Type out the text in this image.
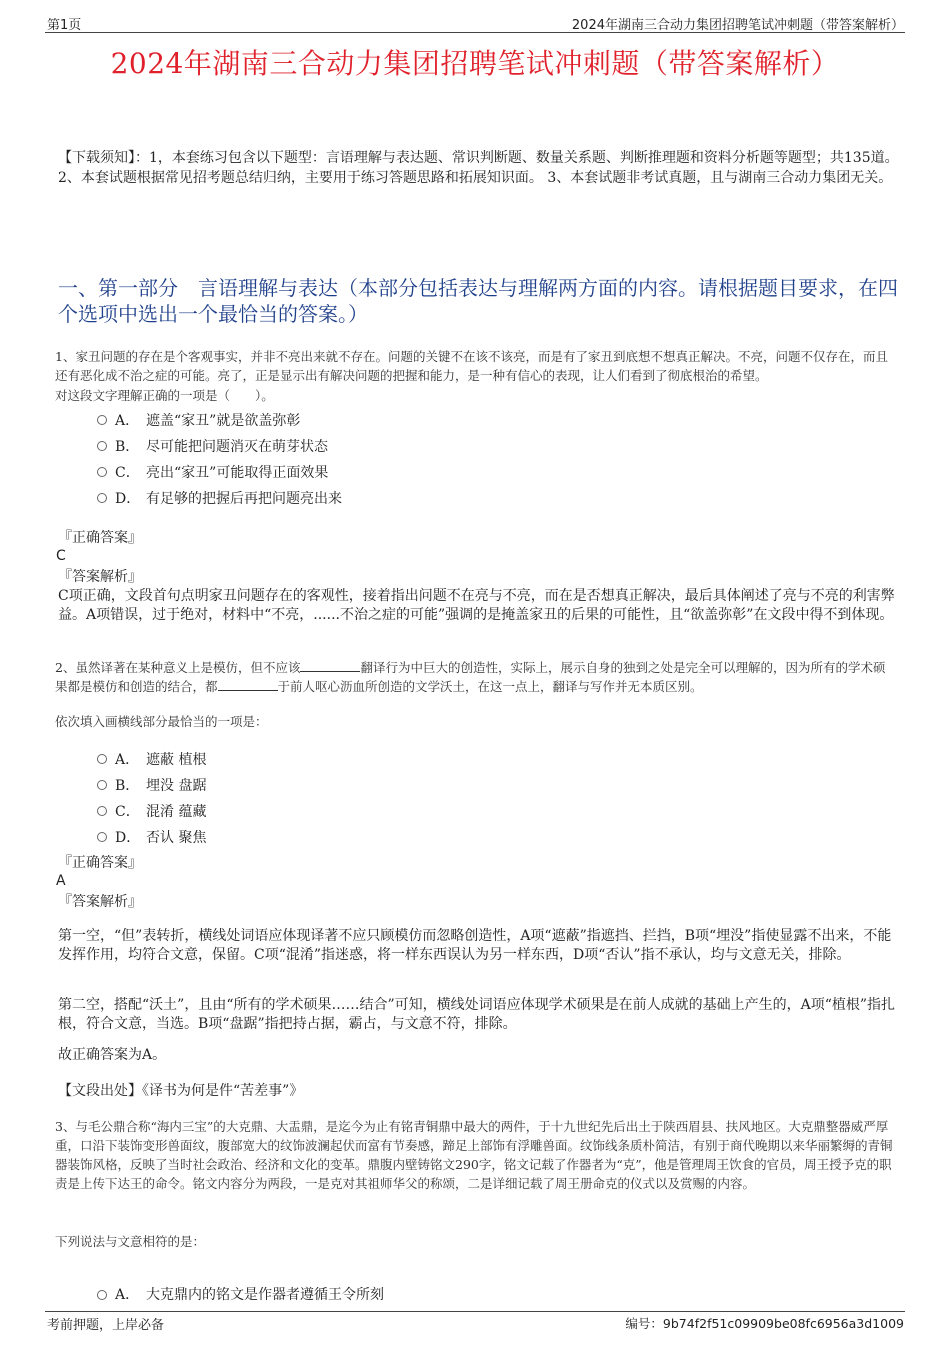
第1页	2024年湖南三合动力集团招聘笔试冲刺题（带答案解析）
2024年湖南三合动力集团招聘笔试冲刺题（带答案解析）
【下载须知】：1，本套练习包含以下题型：言语理解与表达题、常识判断题、数量关系题、判断推理题和资料分析题等题型；共135道。 2、本套试题根据常见招考题总结归纳，主要用于练习答题思路和拓展知识面。 3、本套试题非考试真题，且与湖南三合动力集团无关。
一、第一部分　言语理解与表达（本部分包括表达与理解两方面的内容。请根据题目要求，在四个选项中选出一个最恰当的答案。）
1、家丑问题的存在是个客观事实，并非不亮出来就不存在。问题的关键不在该不该亮，而是有了家丑到底想不想真正解决。不亮，问题不仅存在，而且还有恶化成不治之症的可能。亮了，正是显示出有解决问题的把握和能力，是一种有信心的表现，让人们看到了彻底根治的希望。
对这段文字理解正确的一项是（　　）。
A． 遮盖“家丑”就是欲盖弥彰
B． 尽可能把问题消灭在萌芽状态
C． 亮出“家丑”可能取得正面效果
D． 有足够的把握后再把问题亮出来
『正确答案』
C
『答案解析』
C项正确，文段首句点明家丑问题存在的客观性，接着指出问题不在亮与不亮，而在是否想真正解决，最后具体阐述了亮与不亮的利害弊益。A项错误，过于绝对，材料中“不亮，......不治之症的可能”强调的是掩盖家丑的后果的可能性，且“欲盖弥彰”在文段中得不到体现。
2、虽然译著在某种意义上是模仿，但不应该	翻译行为中巨大的创造性，实际上，展示自身的独到之处是完全可以理解的，因为所有的学术硕果都是模仿和创造的结合，都	于前人呕心沥血所创造的文学沃土，在这一点上，翻译与写作并无本质区别。
依次填入画横线部分最恰当的一项是：
A． 遮蔽 植根
B． 埋没 盘踞
C． 混淆 蕴藏
D． 否认 聚焦
『正确答案』
A
『答案解析』
第一空，“但”表转折，横线处词语应体现译著不应只顾模仿而忽略创造性，A项“遮蔽”指遮挡、拦挡，B项“埋没”指使显露不出来，不能发挥作用，均符合文意，保留。C项“混淆”指迷惑，将一样东西误认为另一样东西，D项“否认”指不承认，均与文意无关，排除。
第二空，搭配“沃土”，且由“所有的学术硕果……结合”可知，横线处词语应体现学术硕果是在前人成就的基础上产生的，A项“植根”指扎根，符合文意，当选。B项“盘踞”指把持占据，霸占，与文意不符，排除。
故正确答案为A。
【文段出处】《译书为何是件“苦差事”》
3、与毛公鼎合称“海内三宝”的大克鼎、大盂鼎，是迄今为止有铭青铜鼎中最大的两件，于十九世纪先后出土于陕西眉县、扶风地区。大克鼎整器威严厚重，口沿下装饰变形兽面纹，腹部宽大的纹饰波澜起伏而富有节奏感，蹄足上部饰有浮雕兽面。纹饰线条质朴简洁，有别于商代晚期以来华丽繁缛的青铜器装饰风格，反映了当时社会政治、经济和文化的变革。鼎腹内壁铸铭文290字，铭文记载了作器者为“克”，他是管理周王饮食的官员，周王授予克的职责是上传下达王的命令。铭文内容分为两段，一是克对其祖师华父的称颂，二是详细记载了周王册命克的仪式以及赏赐的内容。
下列说法与文意相符的是：
A． 大克鼎内的铭文是作器者遵循王令所刻
考前押题，上岸必备	编号：9b74f2f51c09909be08fc6956a3d1009
